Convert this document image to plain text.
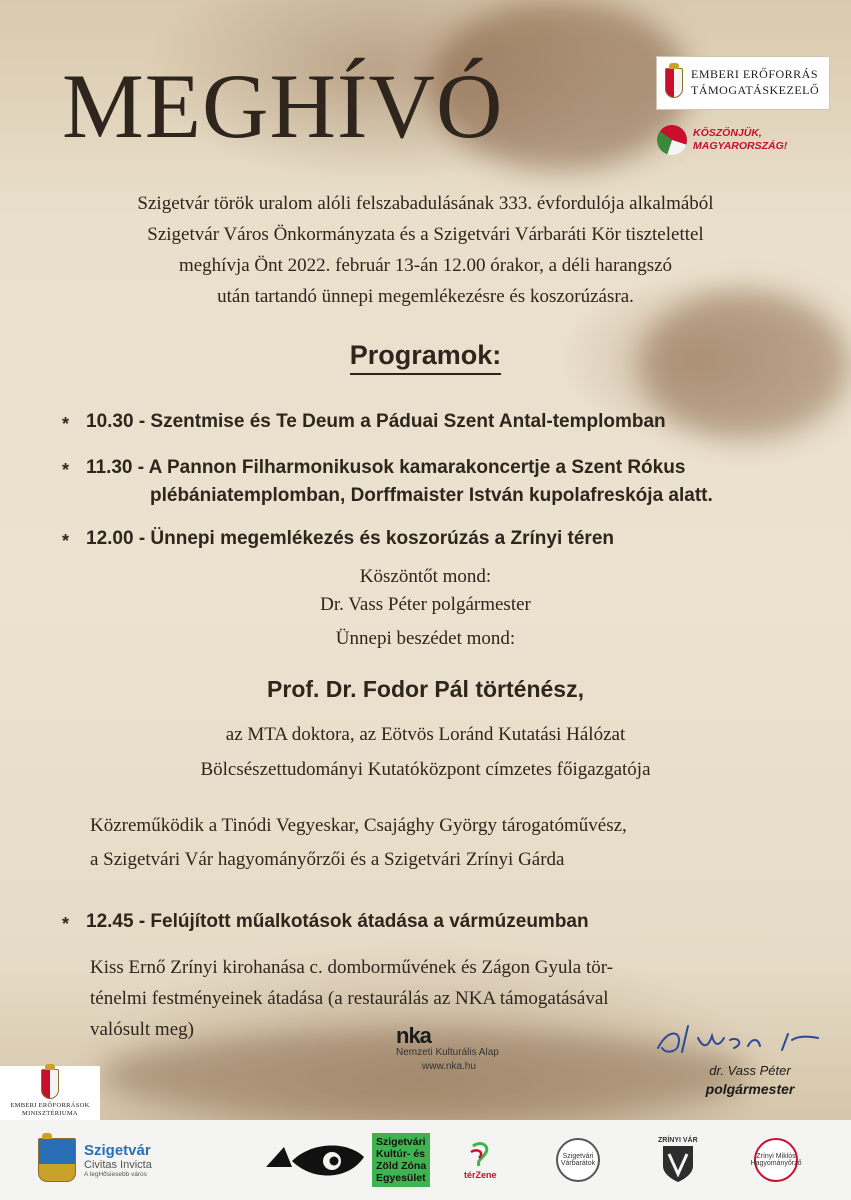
MEGHÍVÓ	EMBERI ERŐFORRÁS
TÁMOGATÁSKEZELŐ
KÖSZÖNJÜK,
MAGYARORSZÁG!
Szigetvár török uralom alóli felszabadulásának 333. évfordulója alkalmából
Szigetvár Város Önkormányzata és a Szigetvári Várbaráti Kör tisztelettel
meghívja Önt 2022. február 13-án 12.00 órakor, a déli harangszó
után tartandó ünnepi megemlékezésre és koszorúzásra.
Programok:
* 10.30 - Szentmise és Te Deum a Páduai Szent Antal-templomban
* 11.30 - A Pannon Filharmonikusok kamarakoncertje a Szent Rókus
plébániatemplomban, Dorffmaister István kupolafreskója alatt.
* 12.00 - Ünnepi megemlékezés és koszorúzás a Zrínyi téren
Köszöntőt mond:
Dr. Vass Péter polgármester
Ünnepi beszédet mond:
Prof. Dr. Fodor Pál történész,
az MTA doktora, az Eötvös Loránd Kutatási Hálózat
Bölcsészettudományi Kutatóközpont címzetes főigazgatója
Közreműködik a Tinódi Vegyeskar, Csajághy György tárogatóművész,
a Szigetvári Vár hagyományőrzői és a Szigetvári Zrínyi Gárda
* 12.45 - Felújított műalkotások átadása a vármúzeumban
Kiss Ernő Zrínyi kirohanása c. domborművének és Zágon Gyula tör-
ténelmi festményeinek átadása (a restaurálás az NKA támogatásával
valósult meg)	nka
Nemzeti Kulturális Alap
www.nka.hu	dr. Vass Péter
polgármester
EMBERI ERŐFORRÁSOK
MINISZTÉRIUMA
Szigetvár
Civitas Invicta
A legHősiesebb város
Szigetvári
Kultúr- és
Zöld Zóna
Egyesület	térZene
Szigetvári Várbarátok
ZRÍNYI VÁR
Zrínyi Miklós Hagyományőrző
